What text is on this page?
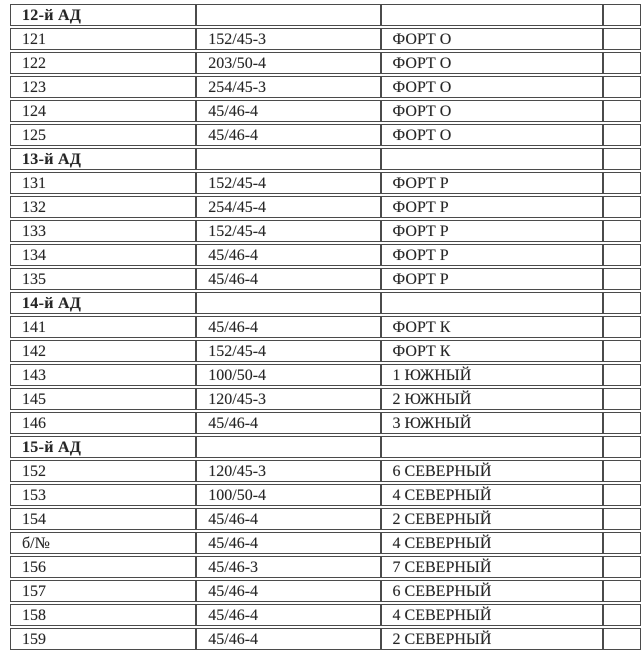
12-й АД			
121	152/45-3	ФОРТ О	
122	203/50-4	ФОРТ О	
123	254/45-3	ФОРТ О	
124	45/46-4	ФОРТ О	
125	45/46-4	ФОРТ О	
13-й АД			
131	152/45-4	ФОРТ Р	
132	254/45-4	ФОРТ Р	
133	152/45-4	ФОРТ Р	
134	45/46-4	ФОРТ Р	
135	45/46-4	ФОРТ Р	
14-й АД			
141	45/46-4	ФОРТ К	
142	152/45-4	ФОРТ К	
143	100/50-4	1 ЮЖНЫЙ	
145	120/45-3	2 ЮЖНЫЙ	
146	45/46-4	3 ЮЖНЫЙ	
15-й АД			
152	120/45-3	6 СЕВЕРНЫЙ	
153	100/50-4	4 СЕВЕРНЫЙ	
154	45/46-4	2 СЕВЕРНЫЙ	
б/№	45/46-4	4 СЕВЕРНЫЙ	
156	45/46-3	7 СЕВЕРНЫЙ	
157	45/46-4	6 СЕВЕРНЫЙ	
158	45/46-4	4 СЕВЕРНЫЙ	
159	45/46-4	2 СЕВЕРНЫЙ	
